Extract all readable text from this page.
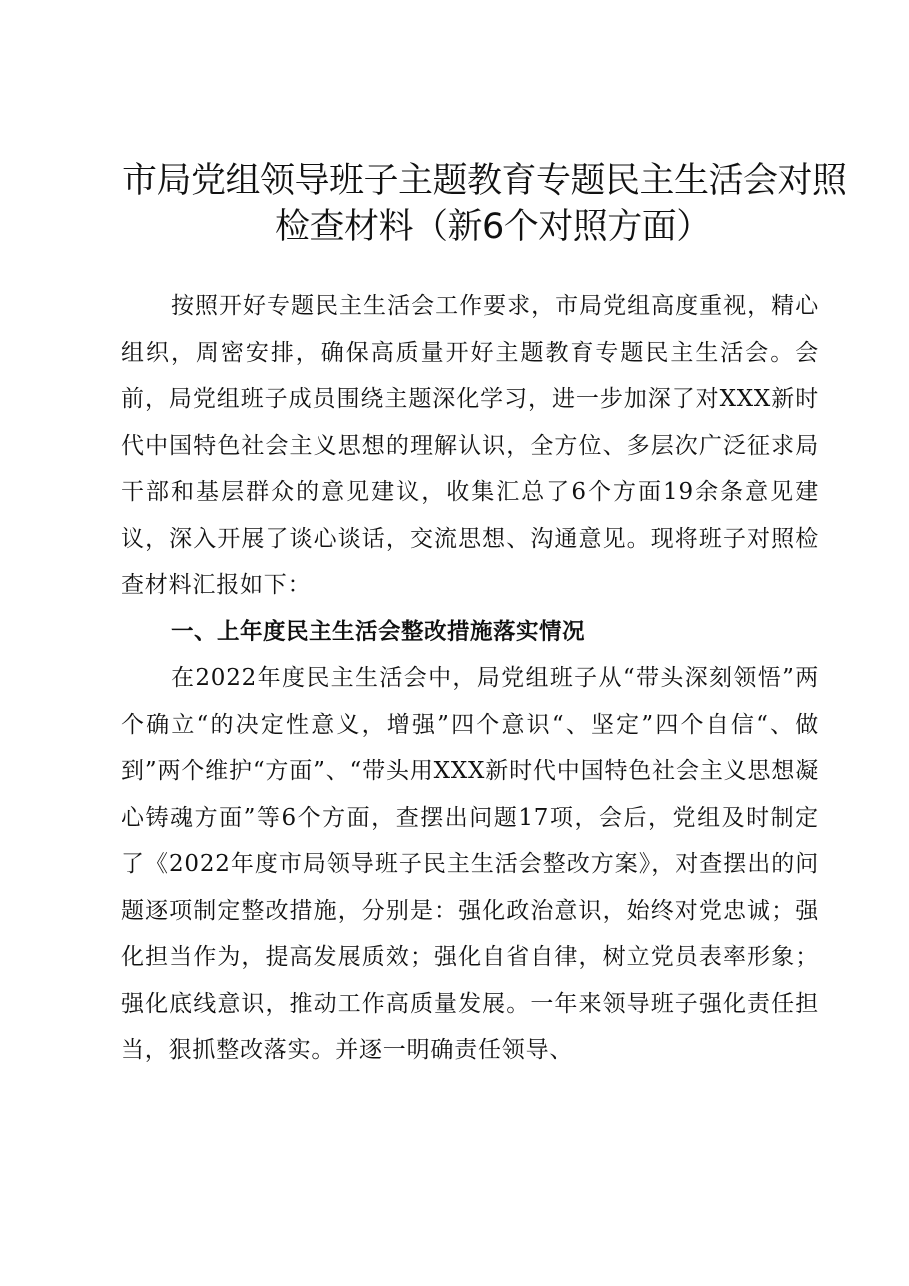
市局党组领导班子主题教育专题民主生活会对照
检查材料（新6个对照方面）

按照开好专题民主生活会工作要求，市局党组高度重视，精心组织，周密安排，确保高质量开好主题教育专题民主生活会。会前，局党组班子成员围绕主题深化学习，进一步加深了对XXX新时代中国特色社会主义思想的理解认识，全方位、多层次广泛征求局干部和基层群众的意见建议，收集汇总了6个方面19余条意见建议，深入开展了谈心谈话，交流思想、沟通意见。现将班子对照检查材料汇报如下：

一、上年度民主生活会整改措施落实情况

在2022年度民主生活会中，局党组班子从“带头深刻领悟”两个确立“的决定性意义，增强”四个意识“、坚定”四个自信“、做到”两个维护“方面”、“带头用XXX新时代中国特色社会主义思想凝心铸魂方面”等6个方面，查摆出问题17项，会后，党组及时制定了《2022年度市局领导班子民主生活会整改方案》，对查摆出的问题逐项制定整改措施，分别是：强化政治意识，始终对党忠诚；强化担当作为，提高发展质效；强化自省自律，树立党员表率形象；强化底线意识，推动工作高质量发展。一年来领导班子强化责任担当，狠抓整改落实。并逐一明确责任领导、
